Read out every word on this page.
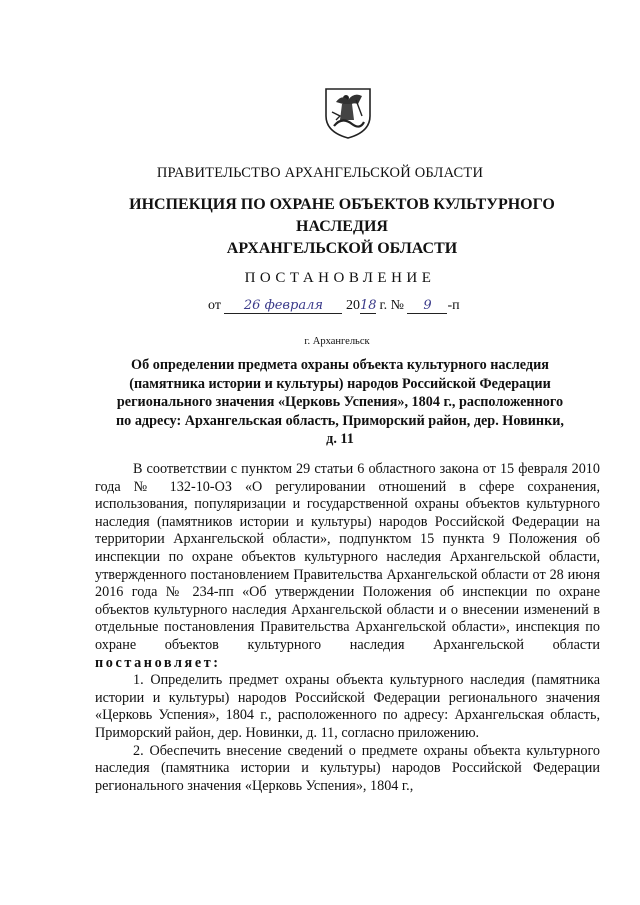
ПРАВИТЕЛЬСТВО АРХАНГЕЛЬСКОЙ ОБЛАСТИ
ИНСПЕКЦИЯ ПО ОХРАНЕ ОБЪЕКТОВ КУЛЬТУРНОГО НАСЛЕДИЯ
АРХАНГЕЛЬСКОЙ ОБЛАСТИ
ПОСТАНОВЛЕНИЕ
от 26 февраля 2018 г. № 9 -п
г. Архангельск
Об определении предмета охраны объекта культурного наследия
(памятника истории и культуры) народов Российской Федерации
регионального значения «Церковь Успения», 1804 г., расположенного
по адресу: Архангельская область, Приморский район, дер. Новинки,
д. 11

В соответствии с пунктом 29 статьи 6 областного закона от 15 февраля 2010 года № 132-10-ОЗ «О регулировании отношений в сфере сохранения, использования, популяризации и государственной охраны объектов культурного наследия (памятников истории и культуры) народов Российской Федерации на территории Архангельской области», подпунктом 15 пункта 9 Положения об инспекции по охране объектов культурного наследия Архангельской области, утвержденного постановлением Правительства Архангельской области от 28 июня 2016 года № 234-пп «Об утверждении Положения об инспекции по охране объектов культурного наследия Архангельской области и о внесении изменений в отдельные постановления Правительства Архангельской области», инспекция по охране объектов культурного наследия Архангельской области постановляет:

1. Определить предмет охраны объекта культурного наследия (памятника истории и культуры) народов Российской Федерации регионального значения «Церковь Успения», 1804 г., расположенного по адресу: Архангельская область, Приморский район, дер. Новинки, д. 11, согласно приложению.

2. Обеспечить внесение сведений о предмете охраны объекта культурного наследия (памятника истории и культуры) народов Российской Федерации регионального значения «Церковь Успения», 1804 г.,
